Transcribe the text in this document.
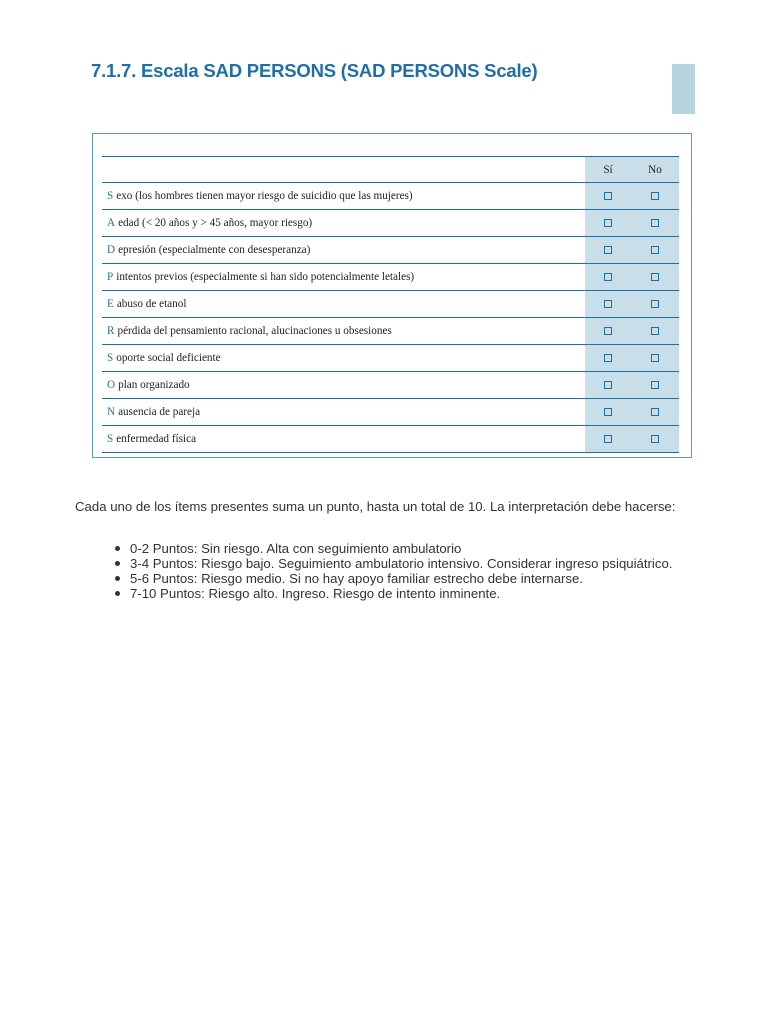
7.1.7. Escala SAD PERSONS (SAD PERSONS Scale)
Sí	No
S exo (los hombres tienen mayor riesgo de suicidio que las mujeres)
A edad (< 20 años y > 45 años, mayor riesgo)
D epresión (especialmente con desesperanza)
P intentos previos (especialmente si han sido potencialmente letales)
E abuso de etanol
R pérdida del pensamiento racional, alucinaciones u obsesiones
S oporte social deficiente
O plan organizado
N ausencia de pareja
S enfermedad física
Cada uno de los ítems presentes suma un punto, hasta un total de 10. La interpretación debe hacerse:
0-2 Puntos: Sin riesgo. Alta con seguimiento ambulatorio
3-4 Puntos: Riesgo bajo. Seguimiento ambulatorio intensivo. Considerar ingreso psiquiátrico.
5-6 Puntos: Riesgo medio. Si no hay apoyo familiar estrecho debe internarse.
7-10 Puntos: Riesgo alto. Ingreso. Riesgo de intento inminente.
